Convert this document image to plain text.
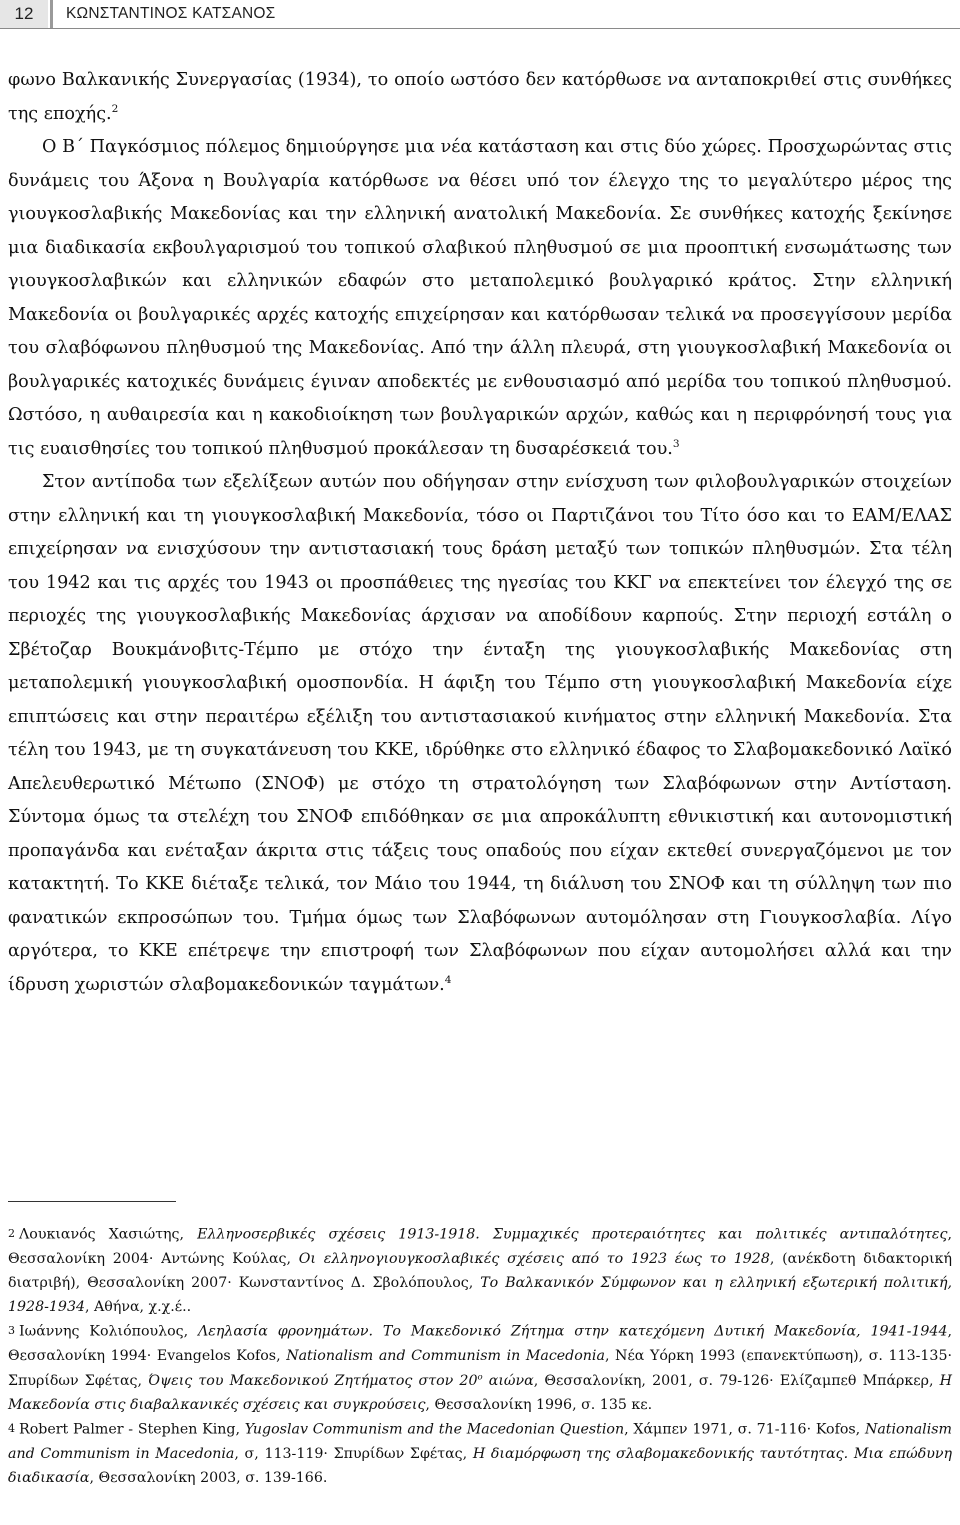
12	ΚΩΝΣΤΑΝΤΙΝΟΣ ΚΑΤΣΑΝΟΣ

φωνο Βαλκανικής Συνεργασίας (1934), το οποίο ωστόσο δεν κατόρθωσε να ανταποκριθεί στις συνθήκες της εποχής.$^2$

Ο Β΄ Παγκόσμιος πόλεμος δημιούργησε μια νέα κατάσταση και στις δύο χώρες. Προσχωρώντας στις δυνάμεις του Άξονα η Βουλγαρία κατόρθωσε να θέσει υπό τον έλεγχο της το μεγαλύτερο μέρος της γιουγκοσλαβικής Μακεδονίας και την ελληνική ανατολική Μακεδονία. Σε συνθήκες κατοχής ξεκίνησε μια διαδικασία εκβουλγαρισμού του τοπικού σλαβικού πληθυσμού σε μια προοπτική ενσωμάτωσης των γιουγκοσλαβικών και ελληνικών εδαφών στο μεταπολεμικό βουλγαρικό κράτος. Στην ελληνική Μακεδονία οι βουλγαρικές αρχές κατοχής επιχείρησαν και κατόρθωσαν τελικά να προσεγγίσουν μερίδα του σλαβόφωνου πληθυσμού της Μακεδονίας. Από την άλλη πλευρά, στη γιουγκοσλαβική Μακεδονία οι βουλγαρικές κατοχικές δυνάμεις έγιναν αποδεκτές με ενθουσιασμό από μερίδα του τοπικού πληθυσμού. Ωστόσο, η αυθαιρεσία και η κακοδιοίκηση των βουλγαρικών αρχών, καθώς και η περιφρόνησή τους για τις ευαισθησίες του τοπικού πληθυσμού προκάλεσαν τη δυσαρέσκειά του.$^3$

Στον αντίποδα των εξελίξεων αυτών που οδήγησαν στην ενίσχυση των φιλοβουλγαρικών στοιχείων στην ελληνική και τη γιουγκοσλαβική Μακεδονία, τόσο οι Παρτιζάνοι του Τίτο όσο και το ΕΑΜ/ΕΛΑΣ επιχείρησαν να ενισχύσουν την αντιστασιακή τους δράση μεταξύ των τοπικών πληθυσμών. Στα τέλη του 1942 και τις αρχές του 1943 οι προσπάθειες της ηγεσίας του ΚΚΓ να επεκτείνει τον έλεγχό της σε περιοχές της γιουγκοσλαβικής Μακεδονίας άρχισαν να αποδίδουν καρπούς. Στην περιοχή εστάλη ο Σβέτοζαρ Βουκμάνοβιτς-Τέμπο με στόχο την ένταξη της γιουγκοσλαβικής Μακεδονίας στη μεταπολεμική γιουγκοσλαβική ομοσπονδία. Η άφιξη του Τέμπο στη γιουγκοσλαβική Μακεδονία είχε επιπτώσεις και στην περαιτέρω εξέλιξη του αντιστασιακού κινήματος στην ελληνική Μακεδονία. Στα τέλη του 1943, με τη συγκατάνευση του ΚΚΕ, ιδρύθηκε στο ελληνικό έδαφος το Σλαβομακεδονικό Λαϊκό Απελευθερωτικό Μέτωπο (ΣΝΟΦ) με στόχο τη στρατολόγηση των Σλαβόφωνων στην Αντίσταση. Σύντομα όμως τα στελέχη του ΣΝΟΦ επιδόθηκαν σε μια απροκάλυπτη εθνικιστική και αυτονομιστική προπαγάνδα και ενέταξαν άκριτα στις τάξεις τους οπαδούς που είχαν εκτεθεί συνεργαζόμενοι με τον κατακτητή. Το ΚΚΕ διέταξε τελικά, τον Μάιο του 1944, τη διάλυση του ΣΝΟΦ και τη σύλληψη των πιο φανατικών εκπροσώπων του. Τμήμα όμως των Σλαβόφωνων αυτομόλησαν στη Γιουγκοσλαβία. Λίγο αργότερα, το ΚΚΕ επέτρεψε την επιστροφή των Σλαβόφωνων που είχαν αυτομολήσει αλλά και την ίδρυση χωριστών σλαβομακεδονικών ταγμάτων.$^4$

2 Λουκιανός Χασιώτης, Ελληνοσερβικές σχέσεις 1913-1918. Συμμαχικές προτεραιότητες και πολιτικές αντιπαλότητες, Θεσσαλονίκη 2004· Αντώνης Κούλας, Οι ελληνογιουγκοσλαβικές σχέσεις από το 1923 έως το 1928, (ανέκδοτη διδακτορική διατριβή), Θεσσαλονίκη 2007· Κωνσταντίνος Δ. Σβολόπουλος, Το Βαλκανικόν Σύμφωνον και η ελληνική εξωτερική πολιτική, 1928-1934, Αθήνα, χ.χ.έ..

3 Ιωάννης Κολιόπουλος, Λεηλασία φρονημάτων. Το Μακεδονικό Ζήτημα στην κατεχόμενη Δυτική Μακεδονία, 1941-1944, Θεσσαλονίκη 1994· Evangelos Kofos, Nationalism and Communism in Macedonia, Νέα Υόρκη 1993 (επανεκτύπωση), σ. 113-135· Σπυρίδων Σφέτας, Όψεις του Μακεδονικού Ζητήματος στον $20^o$ αιώνα, Θεσσαλονίκη, 2001, σ. 79-126· Ελίζαμπεθ Μπάρκερ, Η Μακεδονία στις διαβαλκανικές σχέσεις και συγκρούσεις, Θεσσαλονίκη 1996, σ. 135 κε.

4 Robert Palmer - Stephen King, Yugoslav Communism and the Macedonian Question, Χάμπεν 1971, σ. 71-116· Kofos, Nationalism and Communism in Macedonia, σ, 113-119· Σπυρίδων Σφέτας, Η διαμόρφωση της σλαβομακεδονικής ταυτότητας. Μια επώδυνη διαδικασία, Θεσσαλονίκη 2003, σ. 139-166.
